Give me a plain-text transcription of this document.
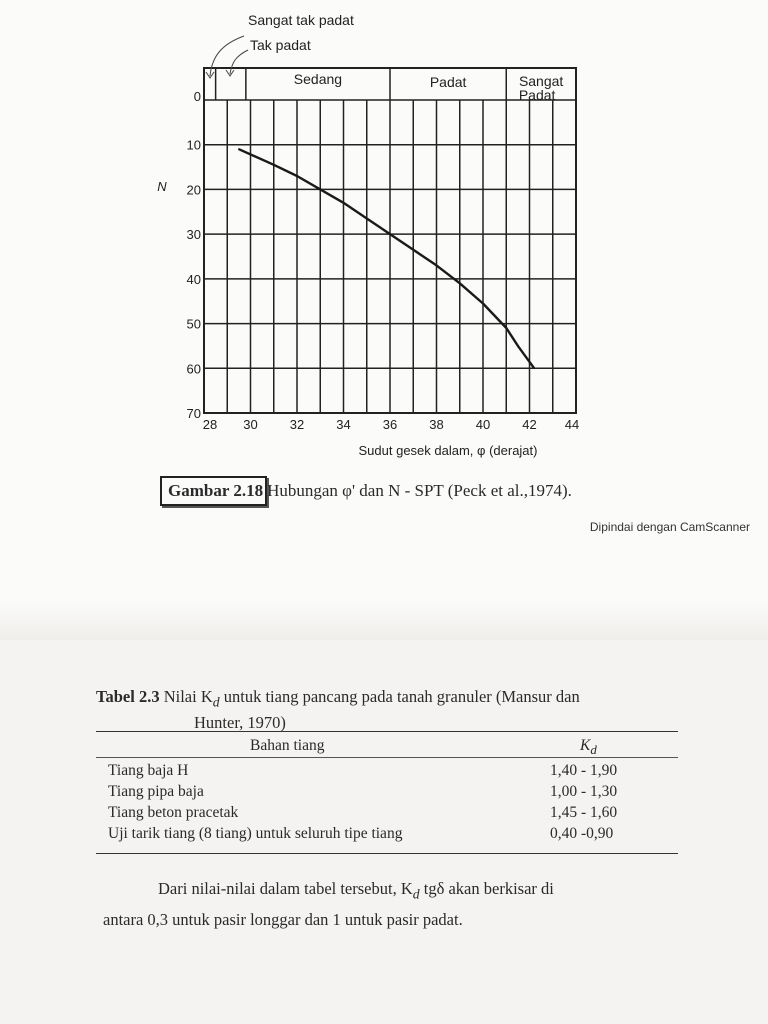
Sedang	Padat	Sangat
Padat
Sangat tak padat
Tak padat
28 30 32 34 36 38 40 42 44
0
10
20
30
40
50
60
70
Sudut gesek dalam, φ (derajat)
N
Gambar 2.18 Hubungan φ' dan N - SPT (Peck et al.,1974).
Dipindai dengan CamScanner
Tabel 2.3 Nilai $K_d$ untuk tiang pancang pada tanah granuler (Mansur dan
Hunter, 1970)
Bahan tiang	$K_d$
Tiang baja H	1,40 - 1,90
Tiang pipa baja	1,00 - 1,30
Tiang beton pracetak	1,45 - 1,60
Uji tarik tiang (8 tiang) untuk seluruh tipe tiang	0,40 -0,90
Dari nilai-nilai dalam tabel tersebut, $K_d$ tgδ akan berkisar di
antara 0,3 untuk pasir longgar dan 1 untuk pasir padat.
